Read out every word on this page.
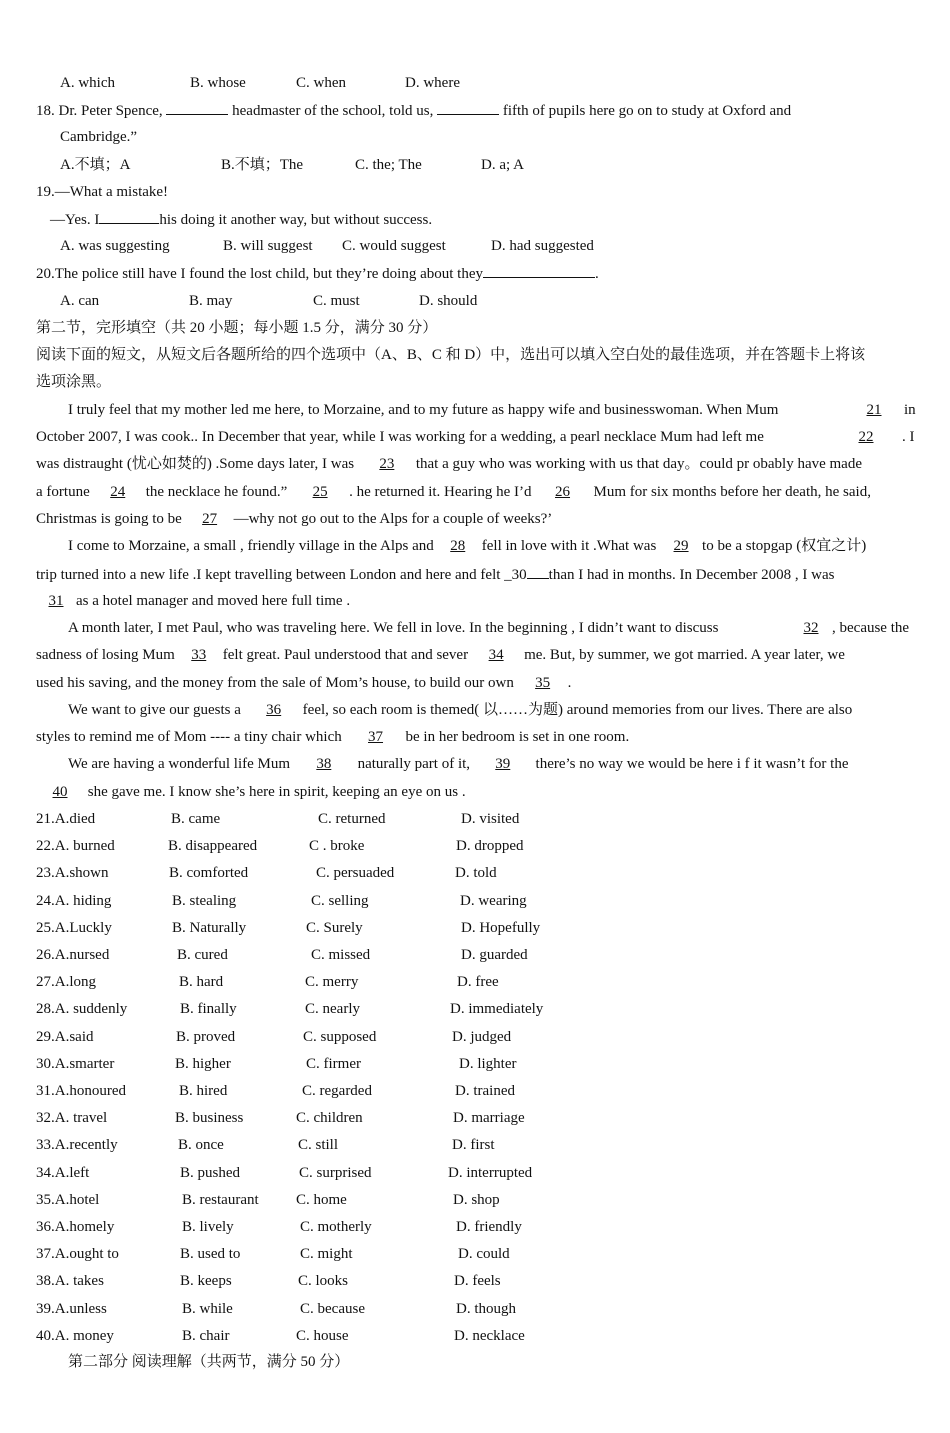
A. which	B. whose	C. when	D. where
18. Dr. Peter Spence,	headmaster of the school, told us,	fifth of pupils here go on to study at Oxford and
Cambridge.”
A.不填；A	B.不填；The	C. the; The	D. a; A
19.—What a mistake!
—Yes. I	his doing it another way, but without success.
A. was suggesting	B. will suggest C. would suggest	D. had suggested
20.The police still have I found the lost child, but they’re doing about they	.
A. can	B. may	C. must	D. should
第二节，完形填空（共 20 小题；每小题 1.5 分，满分 30 分）
阅读下面的短文，从短文后各题所给的四个选项中（A、B、C 和 D）中，选出可以填入空白处的最佳选项，并在答题卡上将该
选项涂黑。
I truly feel that my mother led me here, to Morzaine, and to my future as happy wife and businesswoman. When Mum	21	in
October 2007, I was cook.. In December that year, while I was working for a wedding, a pearl necklace Mum had left me	22	. I
was distraught (忧心如焚的) .Some days later, I was 23 that a guy who was working with us that day。could pr obably have made
a fortune 24 the necklace he found.” 25 . he returned it. Hearing he I’d 26 Mum for six months before her death, he said,
Christmas is going to be 27 —why not go out to the Alps for a couple of weeks?’
I come to Morzaine, a small , friendly village in the Alps and 28 fell in love with it .What was 29 to be a stopgap (权宜之计)
trip turned into a new life .I kept travelling between London and here and felt _30 than I had in months. In December 2008 , I was
31 as a hotel manager and moved here full time .
A month later, I met Paul, who was traveling here. We fell in love. In the beginning , I didn’t want to discuss	32 , because the
sadness of losing Mum 33 felt great. Paul understood that and sever 34 me. But, by summer, we got married. A year later, we
used his saving, and the money from the sale of Mom’s house, to build our own 35 .
We want to give our guests a 36 feel, so each room is themed( 以……为题) around memories from our lives. There are also
styles to remind me of Mom ---- a tiny chair which 37 be in her bedroom is set in one room.
We are having a wonderful life Mum 38 naturally part of it, 39 there’s no way we would be here i f it wasn’t for the
40 she gave me. I know she’s here in spirit, keeping an eye on us .
21.A.died	B. came	C. returned	D. visited
22.A. burned	B. disappeared	C . broke	D. dropped
23.A.shown	B. comforted	C. persuaded	D. told
24.A. hiding	B. stealing	C. selling	D. wearing
25.A.Luckly	B. Naturally	C. Surely	D. Hopefully
26.A.nursed	B. cured	C. missed	D. guarded
27.A.long	B. hard	C. merry	D. free
28.A. suddenly	B. finally	C. nearly	D. immediately
29.A.said	B. proved	C. supposed	D. judged
30.A.smarter	B. higher	C. firmer	D. lighter
31.A.honoured	B. hired	C. regarded	D. trained
32.A. travel	B. business	C. children	D. marriage
33.A.recently	B. once	C. still	D. first
34.A.left	B. pushed	C. surprised	D. interrupted
35.A.hotel	B. restaurant C. home	D. shop
36.A.homely	B. lively	C. motherly	D. friendly
37.A.ought to	B. used to	C. might	D. could
38.A. takes	B. keeps	C. looks	D. feels
39.A.unless	B. while	C. because	D. though
40.A. money	B. chair	C. house	D. necklace
第二部分 阅读理解（共两节，满分 50 分）
